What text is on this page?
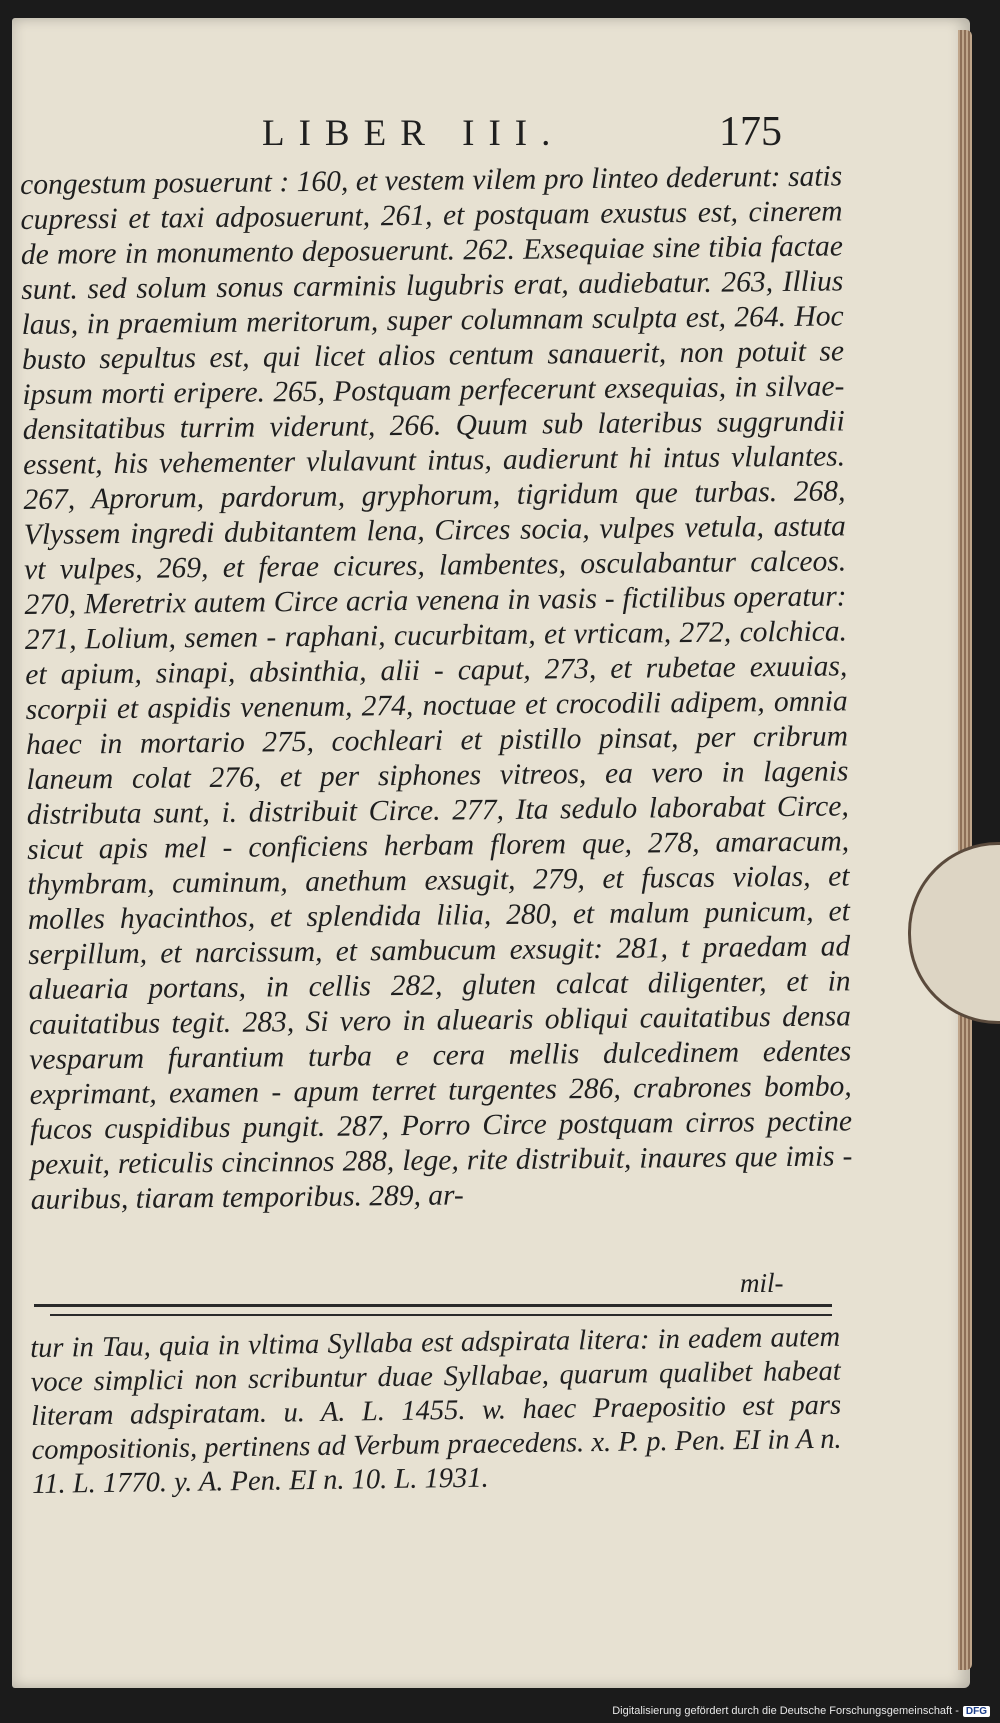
LIBER III.	175
congestum posuerunt : 160, et vestem vilem pro linteo dederunt: satis cupressi et taxi adposuerunt, 261, et postquam exustus est, cinerem de more in monumento deposuerunt. 262. Exsequiae sine tibia factae sunt. sed solum sonus carminis lugubris erat, audiebatur. 263, Illius laus, in praemium meritorum, super columnam sculpta est, 264. Hoc busto sepultus est, qui licet alios centum sanauerit, non potuit se ipsum morti eripere. 265, Postquam perfecerunt exsequias, in silvae-densitatibus turrim viderunt, 266. Quum sub lateribus suggrundii essent, his vehementer vlulavunt intus, audierunt hi intus vlulantes. 267, Aprorum, pardorum, gryphorum, tigridum que turbas. 268, Vlyssem ingredi dubitantem lena, Circes socia, vulpes vetula, astuta vt vulpes, 269, et ferae cicures, lambentes, osculabantur calceos. 270, Meretrix autem Circe acria venena in vasis - fictilibus operatur: 271, Lolium, semen - raphani, cucurbitam, et vrticam, 272, colchica. et apium, sinapi, absinthia, alii - caput, 273, et rubetae exuuias, scorpii et aspidis venenum, 274, noctuae et crocodili adipem, omnia haec in mortario 275, cochleari et pistillo pinsat, per cribrum laneum colat 276, et per siphones vitreos, ea vero in lagenis distributa sunt, i. distribuit Circe. 277, Ita sedulo laborabat Circe, sicut apis mel - conficiens herbam florem que, 278, amaracum, thymbram, cuminum, anethum exsugit, 279, et fuscas violas, et molles hyacinthos, et splendida lilia, 280, et malum punicum, et serpillum, et narcissum, et sambucum exsugit: 281, t praedam ad aluearia portans, in cellis 282, gluten calcat diligenter, et in cauitatibus tegit. 283, Si vero in aluearis obliqui cauitatibus densa vesparum furantium turba e cera mellis dulcedinem edentes exprimant, examen - apum terret turgentes 286, crabrones bombo, fucos cuspidibus pungit. 287, Porro Circe postquam cirros pectine pexuit, reticulis cincinnos 288, lege, rite distribuit, inaures que imis - auribus, tiaram temporibus. 289, ar-
mil-
tur in Tau, quia in vltima Syllaba est adspirata litera: in eadem autem voce simplici non scribuntur duae Syllabae, quarum qualibet habeat literam adspiratam. u. A. L. 1455. w. haec Praepositio est pars compositionis, pertinens ad Verbum praecedens. x. P. p. Pen. EI in A n. 11. L. 1770. y. A. Pen. EI n. 10. L. 1931.
Digitalisierung gefördert durch die Deutsche Forschungsgemeinschaft - DFG
